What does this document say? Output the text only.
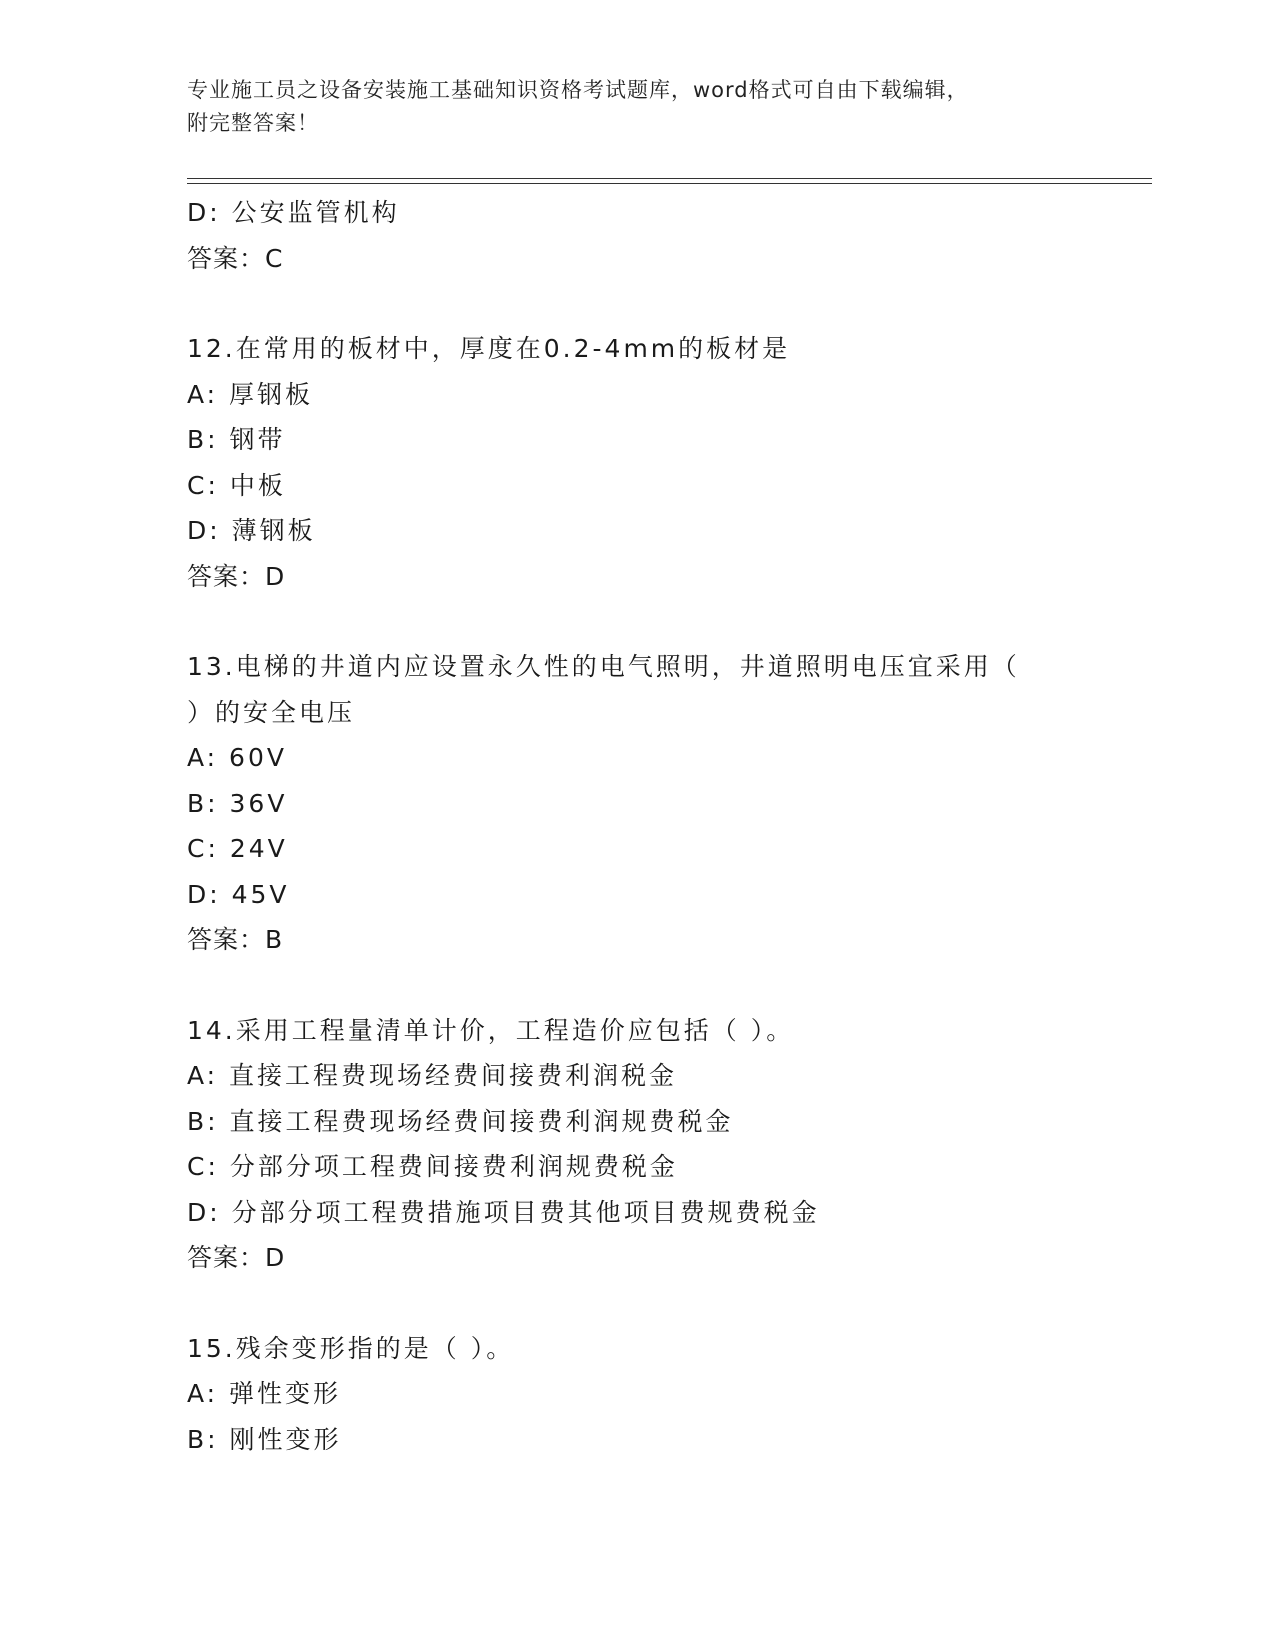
专业施工员之设备安装施工基础知识资格考试题库，word格式可自由下载编辑，
附完整答案！
D: 公安监管机构
答案：C
12.在常用的板材中，厚度在0.2-4mm的板材是
A: 厚钢板
B: 钢带
C: 中板
D: 薄钢板
答案：D
13.电梯的井道内应设置永久性的电气照明，井道照明电压宜采用（
）的安全电压
A: 60V
B: 36V
C: 24V
D: 45V
答案：B
14.采用工程量清单计价，工程造价应包括（ ）。
A: 直接工程费现场经费间接费利润税金
B: 直接工程费现场经费间接费利润规费税金
C: 分部分项工程费间接费利润规费税金
D: 分部分项工程费措施项目费其他项目费规费税金
答案：D
15.残余变形指的是（ ）。
A: 弹性变形
B: 刚性变形
